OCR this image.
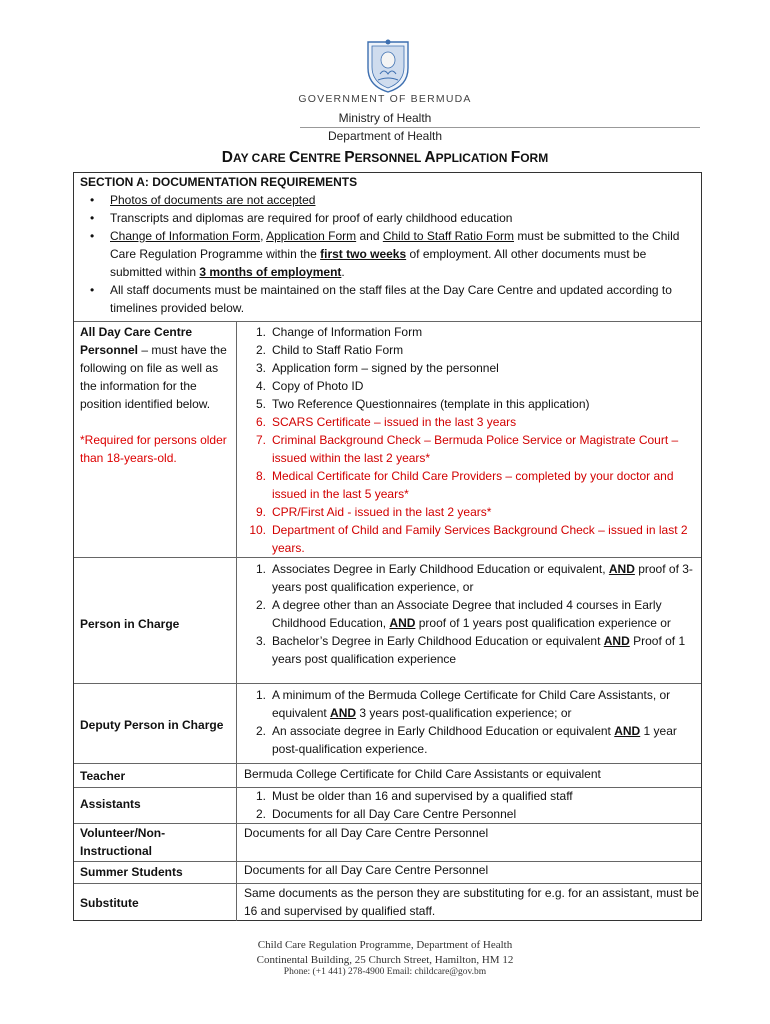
GOVERNMENT OF BERMUDA
Ministry of Health
Department of Health
DAY CARE CENTRE PERSONNEL APPLICATION FORM
SECTION A: DOCUMENTATION REQUIREMENTS
• Photos of documents are not accepted
• Transcripts and diplomas are required for proof of early childhood education
• Change of Information Form, Application Form and Child to Staff Ratio Form must be submitted to the Child Care Regulation Programme within the first two weeks of employment. All other documents must be submitted within 3 months of employment.
• All staff documents must be maintained on the staff files at the Day Care Centre and updated according to timelines provided below.
All Day Care Centre Personnel – must have the following on file as well as the information for the position identified below.
*Required for persons older than 18-years-old.
1. Change of Information Form
2. Child to Staff Ratio Form
3. Application form – signed by the personnel
4. Copy of Photo ID
5. Two Reference Questionnaires (template in this application)
6. SCARS Certificate – issued in the last 3 years
7. Criminal Background Check – Bermuda Police Service or Magistrate Court – issued within the last 2 years*
8. Medical Certificate for Child Care Providers – completed by your doctor and issued in the last 5 years*
9. CPR/First Aid - issued in the last 2 years*
10. Department of Child and Family Services Background Check – issued in last 2 years.
Person in Charge
1. Associates Degree in Early Childhood Education or equivalent, AND proof of 3-years post qualification experience, or
2. A degree other than an Associate Degree that included 4 courses in Early Childhood Education, AND proof of 1 years post qualification experience or
3. Bachelor’s Degree in Early Childhood Education or equivalent AND Proof of 1 years post qualification experience
Deputy Person in Charge
1. A minimum of the Bermuda College Certificate for Child Care Assistants, or equivalent AND 3 years post-qualification experience; or
2. An associate degree in Early Childhood Education or equivalent AND 1 year post-qualification experience.
Teacher	Bermuda College Certificate for Child Care Assistants or equivalent
Assistants
1. Must be older than 16 and supervised by a qualified staff
2. Documents for all Day Care Centre Personnel
Volunteer/Non-Instructional
Documents for all Day Care Centre Personnel
Summer Students	Documents for all Day Care Centre Personnel
Substitute
Same documents as the person they are substituting for e.g. for an assistant, must be 16 and supervised by qualified staff.
Child Care Regulation Programme, Department of Health
Continental Building, 25 Church Street, Hamilton, HM 12
Phone: (+1 441) 278-4900 Email: childcare@gov.bm
